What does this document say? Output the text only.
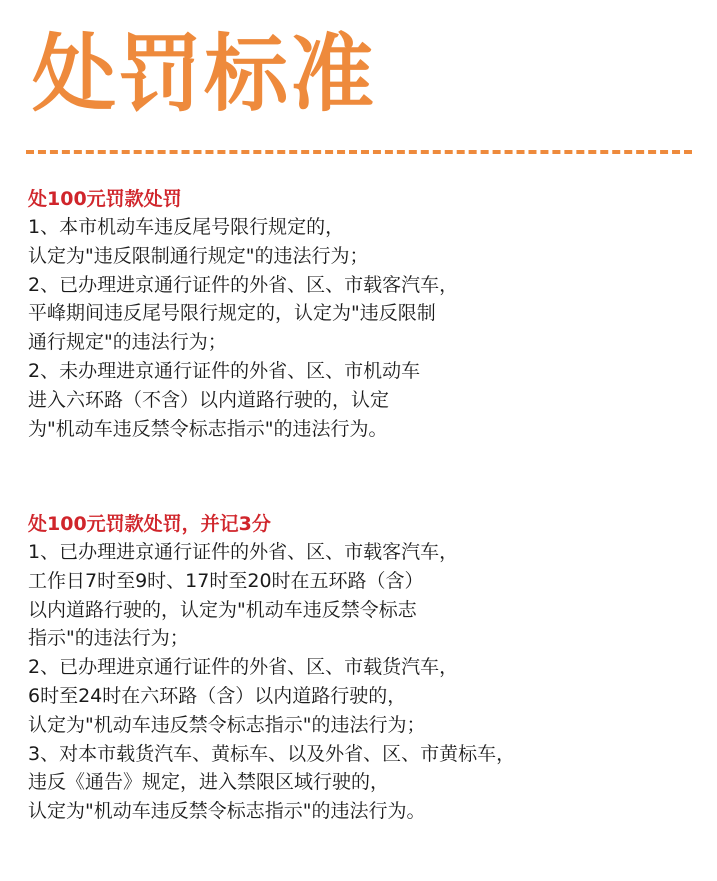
处罚标准
处100元罚款处罚
1、本市机动车违反尾号限行规定的，
认定为"违反限制通行规定"的违法行为；
2、已办理进京通行证件的外省、区、市载客汽车，
平峰期间违反尾号限行规定的，认定为"违反限制
通行规定"的违法行为；
2、未办理进京通行证件的外省、区、市机动车
进入六环路（不含）以内道路行驶的，认定
为"机动车违反禁令标志指示"的违法行为。
处100元罚款处罚，并记3分
1、已办理进京通行证件的外省、区、市载客汽车，
工作日7时至9时、17时至20时在五环路（含）
以内道路行驶的，认定为"机动车违反禁令标志
指示"的违法行为；
2、已办理进京通行证件的外省、区、市载货汽车，
6时至24时在六环路（含）以内道路行驶的，
认定为"机动车违反禁令标志指示"的违法行为；
3、对本市载货汽车、黄标车、以及外省、区、市黄标车，
违反《通告》规定，进入禁限区域行驶的，
认定为"机动车违反禁令标志指示"的违法行为。
